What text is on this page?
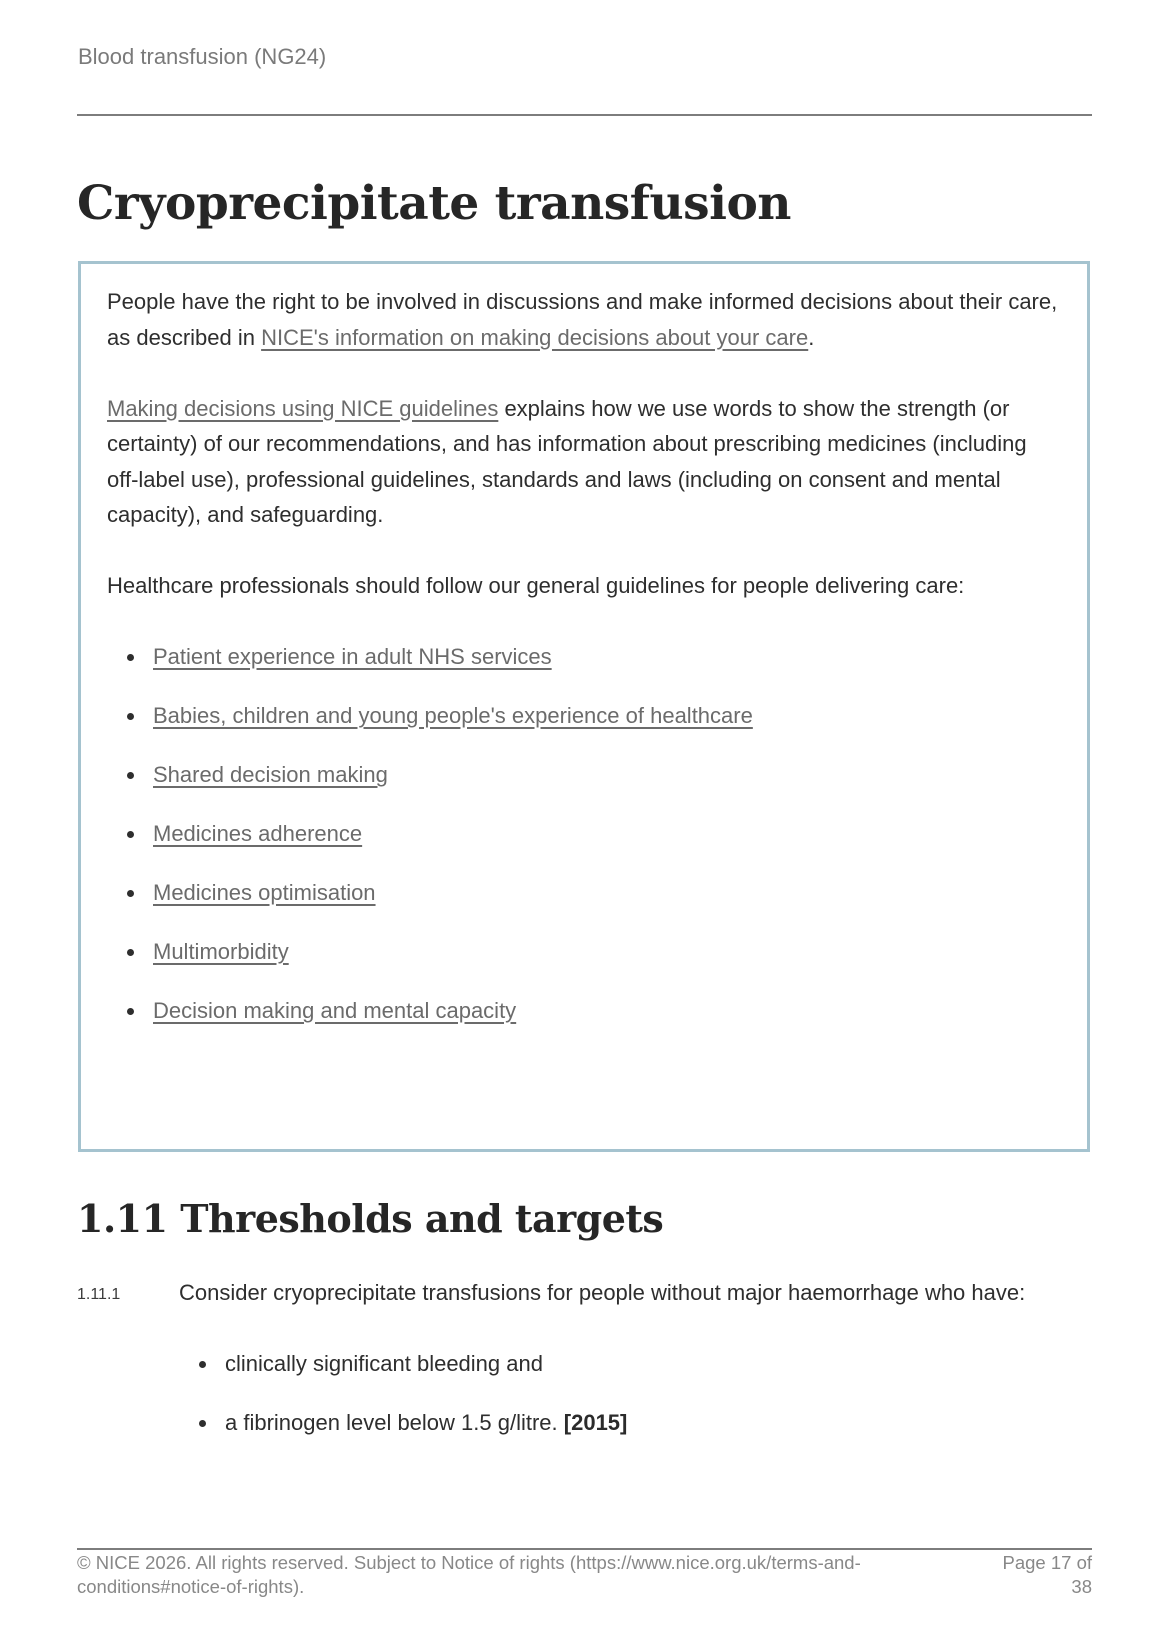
Blood transfusion (NG24)
Cryoprecipitate transfusion

People have the right to be involved in discussions and make informed decisions about their care, as described in NICE's information on making decisions about your care.

Making decisions using NICE guidelines explains how we use words to show the strength (or certainty) of our recommendations, and has information about prescribing medicines (including off-label use), professional guidelines, standards and laws (including on consent and mental capacity), and safeguarding.

Healthcare professionals should follow our general guidelines for people delivering care:

Patient experience in adult NHS services
Babies, children and young people's experience of healthcare
Shared decision making
Medicines adherence
Medicines optimisation
Multimorbidity
Decision making and mental capacity
1.11 Thresholds and targets
1.11.1	Consider cryoprecipitate transfusions for people without major haemorrhage who have:

clinically significant bleeding and
a fibrinogen level below 1.5 g/litre. [2015]
© NICE 2026. All rights reserved. Subject to Notice of rights (https://www.nice.org.uk/terms-and-conditions#notice-of-rights).
Page 17 of 38
